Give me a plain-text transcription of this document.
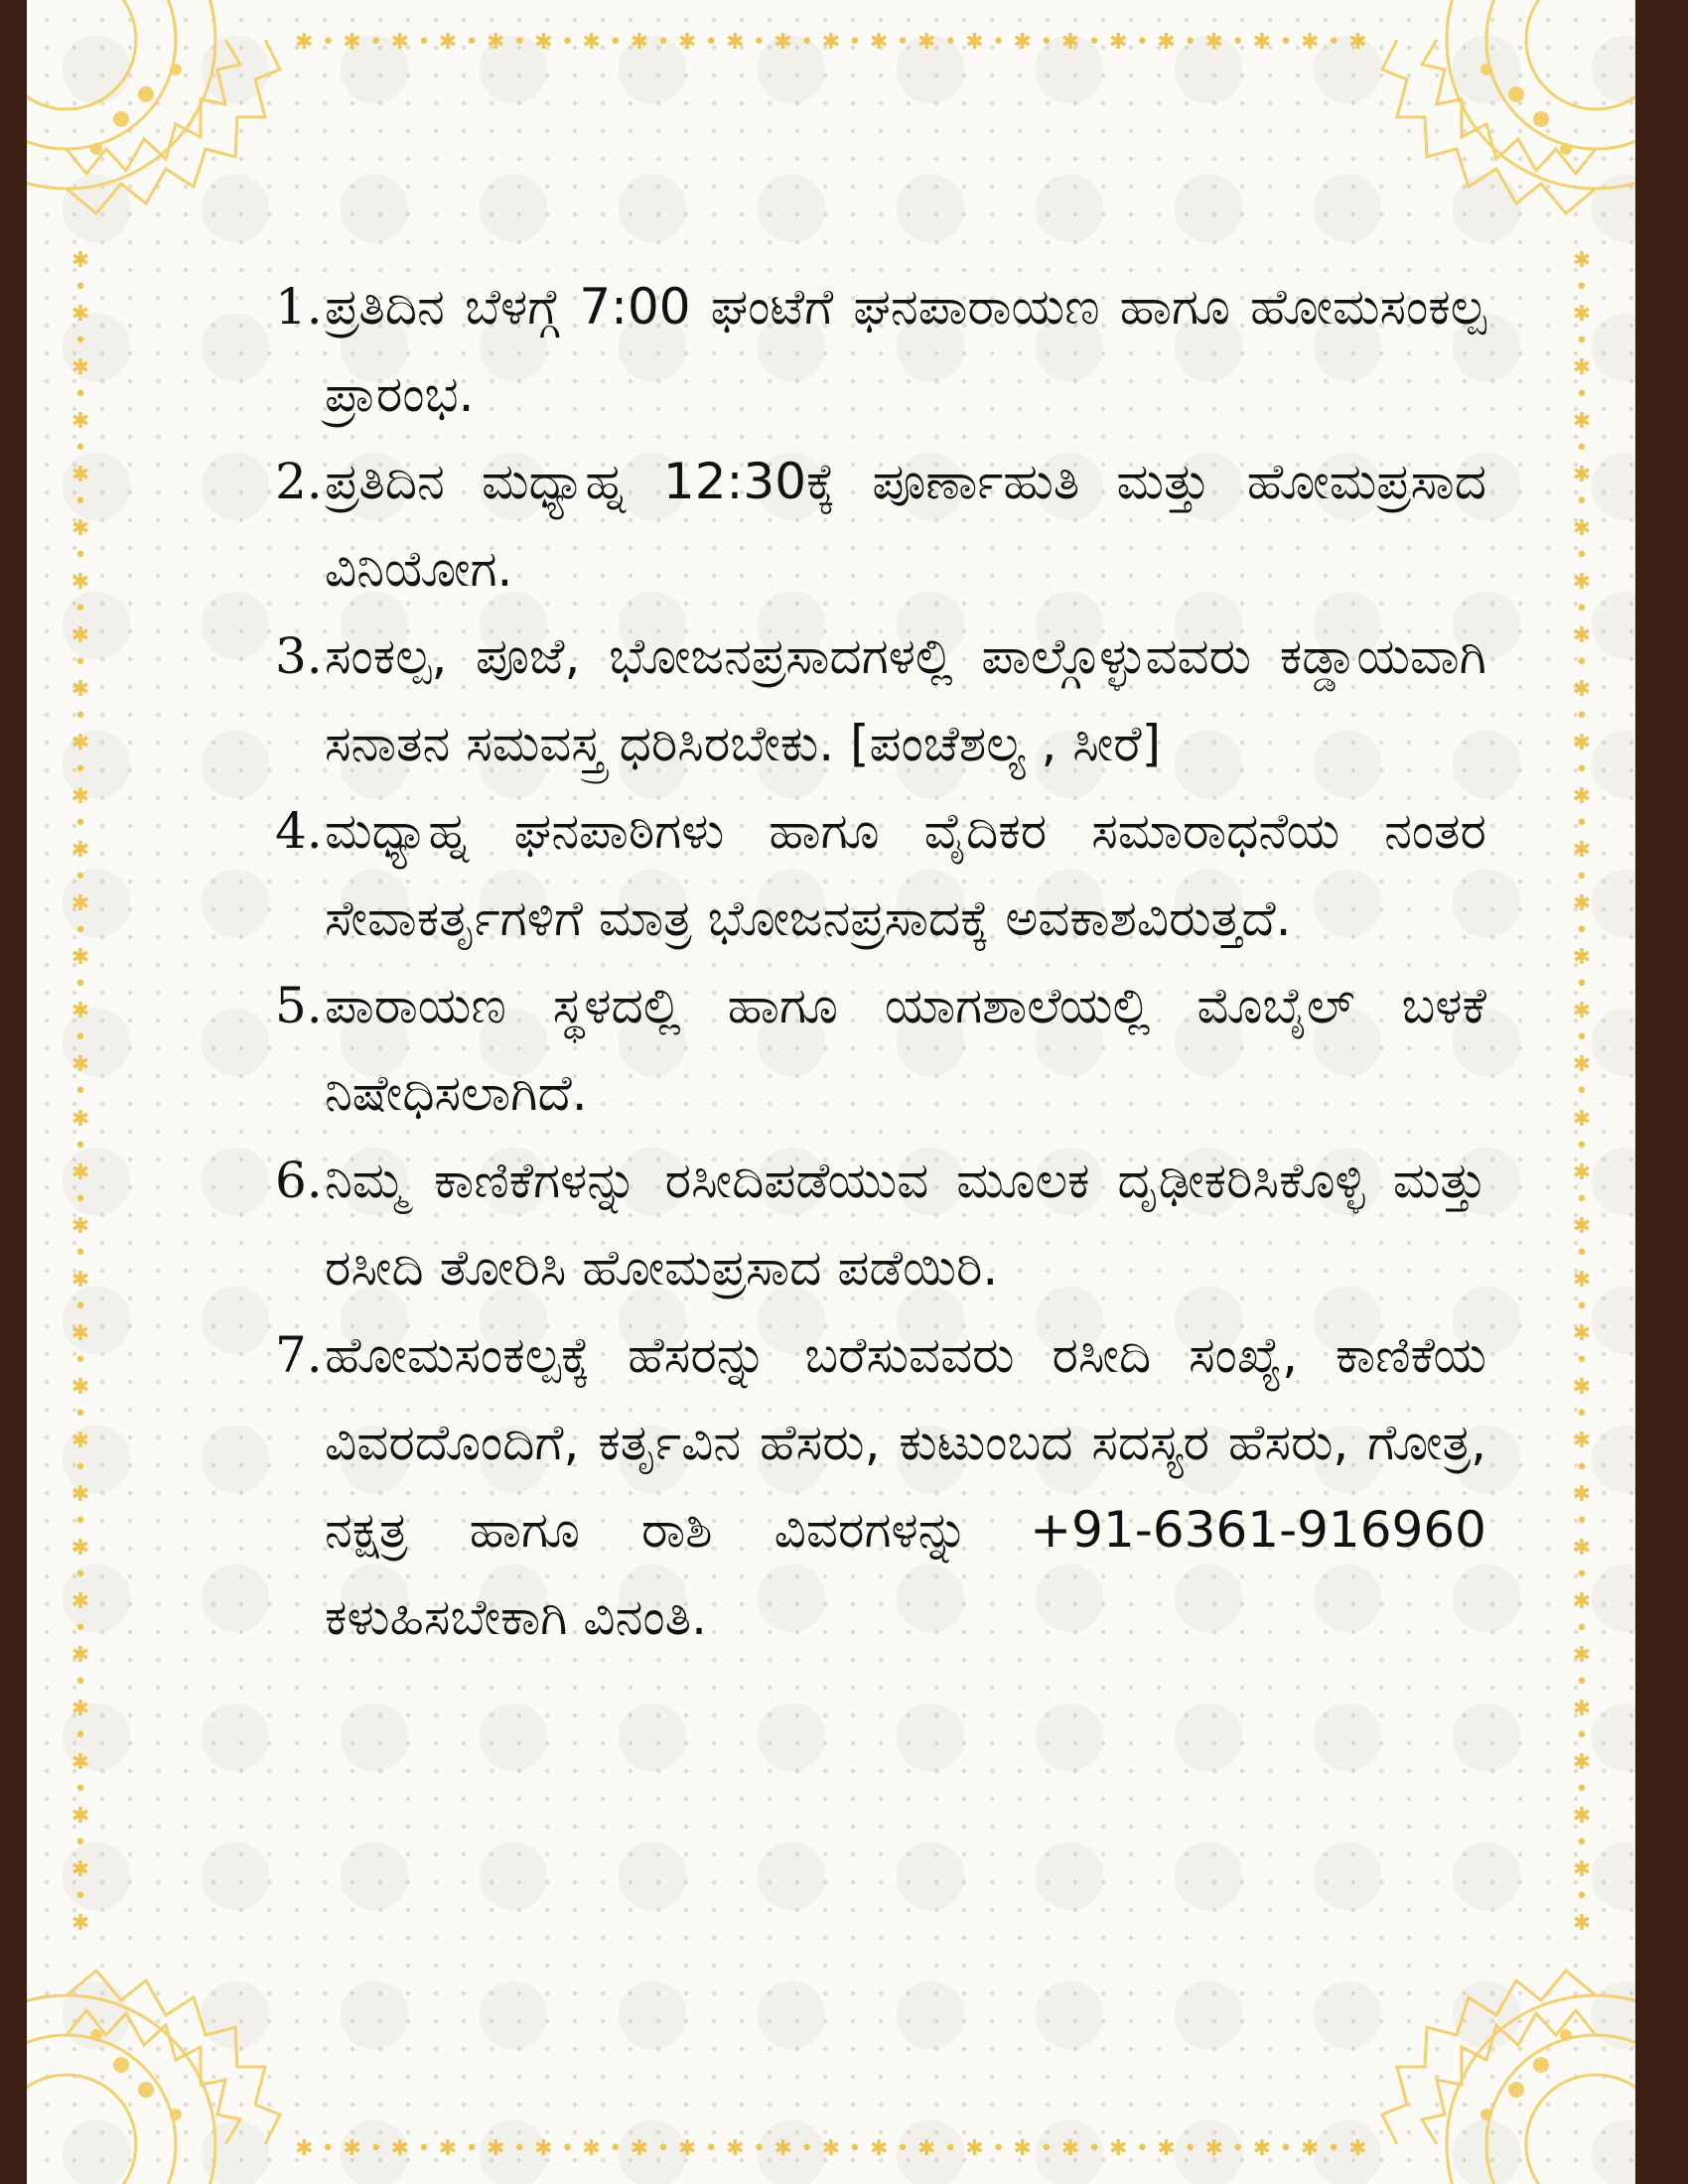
✱ • ✱ • ✱ • ✱ • ✱ • ✱ • ✱ • ✱ • ✱ • ✱ • ✱ • ✱ • ✱ • ✱ • ✱ • ✱ • ✱ • ✱ • ✱ • ✱ • ✱ • ✱ • ✱
✱ • ✱ • ✱ • ✱ • ✱ • ✱ • ✱ • ✱ • ✱ • ✱ • ✱ • ✱ • ✱ • ✱ • ✱ • ✱ • ✱ • ✱ • ✱ • ✱ • ✱ • ✱ • ✱
✱
•
✱
•
✱
•
✱
•
✱
•
✱
•
✱
•
✱
•
✱
•
✱
•
✱
•
✱
•
✱
•
✱
•
✱
•
✱
•
✱
•
✱
•
✱
•
✱
•
✱
•
✱
•
✱
•
✱
•
✱
•
✱
•
✱
•
✱
•
✱
•
✱
•
✱
•
✱
✱
•
✱
•
✱
•
✱
•
✱
•
✱
•
✱
•
✱
•
✱
•
✱
•
✱
•
✱
•
✱
•
✱
•
✱
•
✱
•
✱
•
✱
•
✱
•
✱
•
✱
•
✱
•
✱
•
✱
•
✱
•
✱
•
✱
•
✱
•
✱
•
✱
•
✱
•
✱

1. ಪ್ರತಿದಿನ ಬೆಳಗ್ಗೆ 7:00 ಘಂಟೆಗೆ ಘನಪಾರಾಯಣ ಹಾಗೂ ಹೋಮಸಂಕಲ್ಪ ಪ್ರಾರಂಭ.

2. ಪ್ರತಿದಿನ ಮಧ್ಯಾಹ್ನ 12:30ಕ್ಕೆ ಪೂರ್ಣಾಹುತಿ ಮತ್ತು ಹೋಮಪ್ರಸಾದ ವಿನಿಯೋಗ.

3. ಸಂಕಲ್ಪ, ಪೂಜೆ, ಭೋಜನಪ್ರಸಾದಗಳಲ್ಲಿ ಪಾಲ್ಗೊಳ್ಳುವವರು ಕಡ್ಡಾಯವಾಗಿ ಸನಾತನ ಸಮವಸ್ತ್ರ ಧರಿಸಿರಬೇಕು. [ಪಂಚೆಶಲ್ಯ , ಸೀರೆ]

4. ಮಧ್ಯಾಹ್ನ ಘನಪಾಠಿಗಳು ಹಾಗೂ ವೈದಿಕರ ಸಮಾರಾಧನೆಯ ನಂತರ ಸೇವಾಕರ್ತೃಗಳಿಗೆ ಮಾತ್ರ ಭೋಜನಪ್ರಸಾದಕ್ಕೆ ಅವಕಾಶವಿರುತ್ತದೆ.

5. ಪಾರಾಯಣ ಸ್ಥಳದಲ್ಲಿ ಹಾಗೂ ಯಾಗಶಾಲೆಯಲ್ಲಿ ಮೊಬೈಲ್ ಬಳಕೆ ನಿಷೇಧಿಸಲಾಗಿದೆ.

6. ನಿಮ್ಮ ಕಾಣಿಕೆಗಳನ್ನು ರಸೀದಿಪಡೆಯುವ ಮೂಲಕ ದೃಢೀಕರಿಸಿಕೊಳ್ಳಿ ಮತ್ತು ರಸೀದಿ ತೋರಿಸಿ ಹೋಮಪ್ರಸಾದ ಪಡೆಯಿರಿ.

7. ಹೋಮಸಂಕಲ್ಪಕ್ಕೆ ಹೆಸರನ್ನು ಬರೆಸುವವರು ರಸೀದಿ ಸಂಖ್ಯೆ, ಕಾಣಿಕೆಯ ವಿವರದೊಂದಿಗೆ, ಕರ್ತೃವಿನ ಹೆಸರು, ಕುಟುಂಬದ ಸದಸ್ಯರ ಹೆಸರು, ಗೋತ್ರ, ನಕ್ಷತ್ರ ಹಾಗೂ ರಾಶಿ ವಿವರಗಳನ್ನು +91-6361-916960 ಕಳುಹಿಸಬೇಕಾಗಿ ವಿನಂತಿ.
